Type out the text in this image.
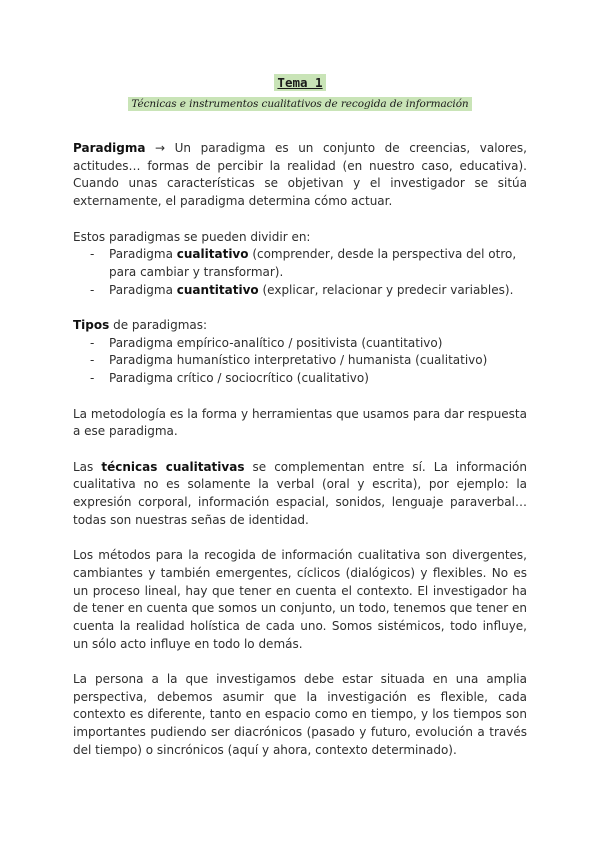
Tema 1
Técnicas e instrumentos cualitativos de recogida de información

Paradigma → Un paradigma es un conjunto de creencias, valores, actitudes… formas de percibir la realidad (en nuestro caso, educativa). Cuando unas características se objetivan y el investigador se sitúa externamente, el paradigma determina cómo actuar.

Estos paradigmas se pueden dividir en:

- Paradigma cualitativo (comprender, desde la perspectiva del otro, para cambiar y transformar).
- Paradigma cuantitativo (explicar, relacionar y predecir variables).

Tipos de paradigmas:

- Paradigma empírico-analítico / positivista (cuantitativo)
- Paradigma humanístico interpretativo / humanista (cualitativo)
- Paradigma crítico / sociocrítico (cualitativo)

La metodología es la forma y herramientas que usamos para dar respuesta a ese paradigma.

Las técnicas cualitativas se complementan entre sí. La información cualitativa no es solamente la verbal (oral y escrita), por ejemplo: la expresión corporal, información espacial, sonidos, lenguaje paraverbal… todas son nuestras señas de identidad.

Los métodos para la recogida de información cualitativa son divergentes, cambiantes y también emergentes, cíclicos (dialógicos) y flexibles. No es un proceso lineal, hay que tener en cuenta el contexto. El investigador ha de tener en cuenta que somos un conjunto, un todo, tenemos que tener en cuenta la realidad holística de cada uno. Somos sistémicos, todo influye, un sólo acto influye en todo lo demás.

La persona a la que investigamos debe estar situada en una amplia perspectiva, debemos asumir que la investigación es flexible, cada contexto es diferente, tanto en espacio como en tiempo, y los tiempos son importantes pudiendo ser diacrónicos (pasado y futuro, evolución a través del tiempo) o sincrónicos (aquí y ahora, contexto determinado).
